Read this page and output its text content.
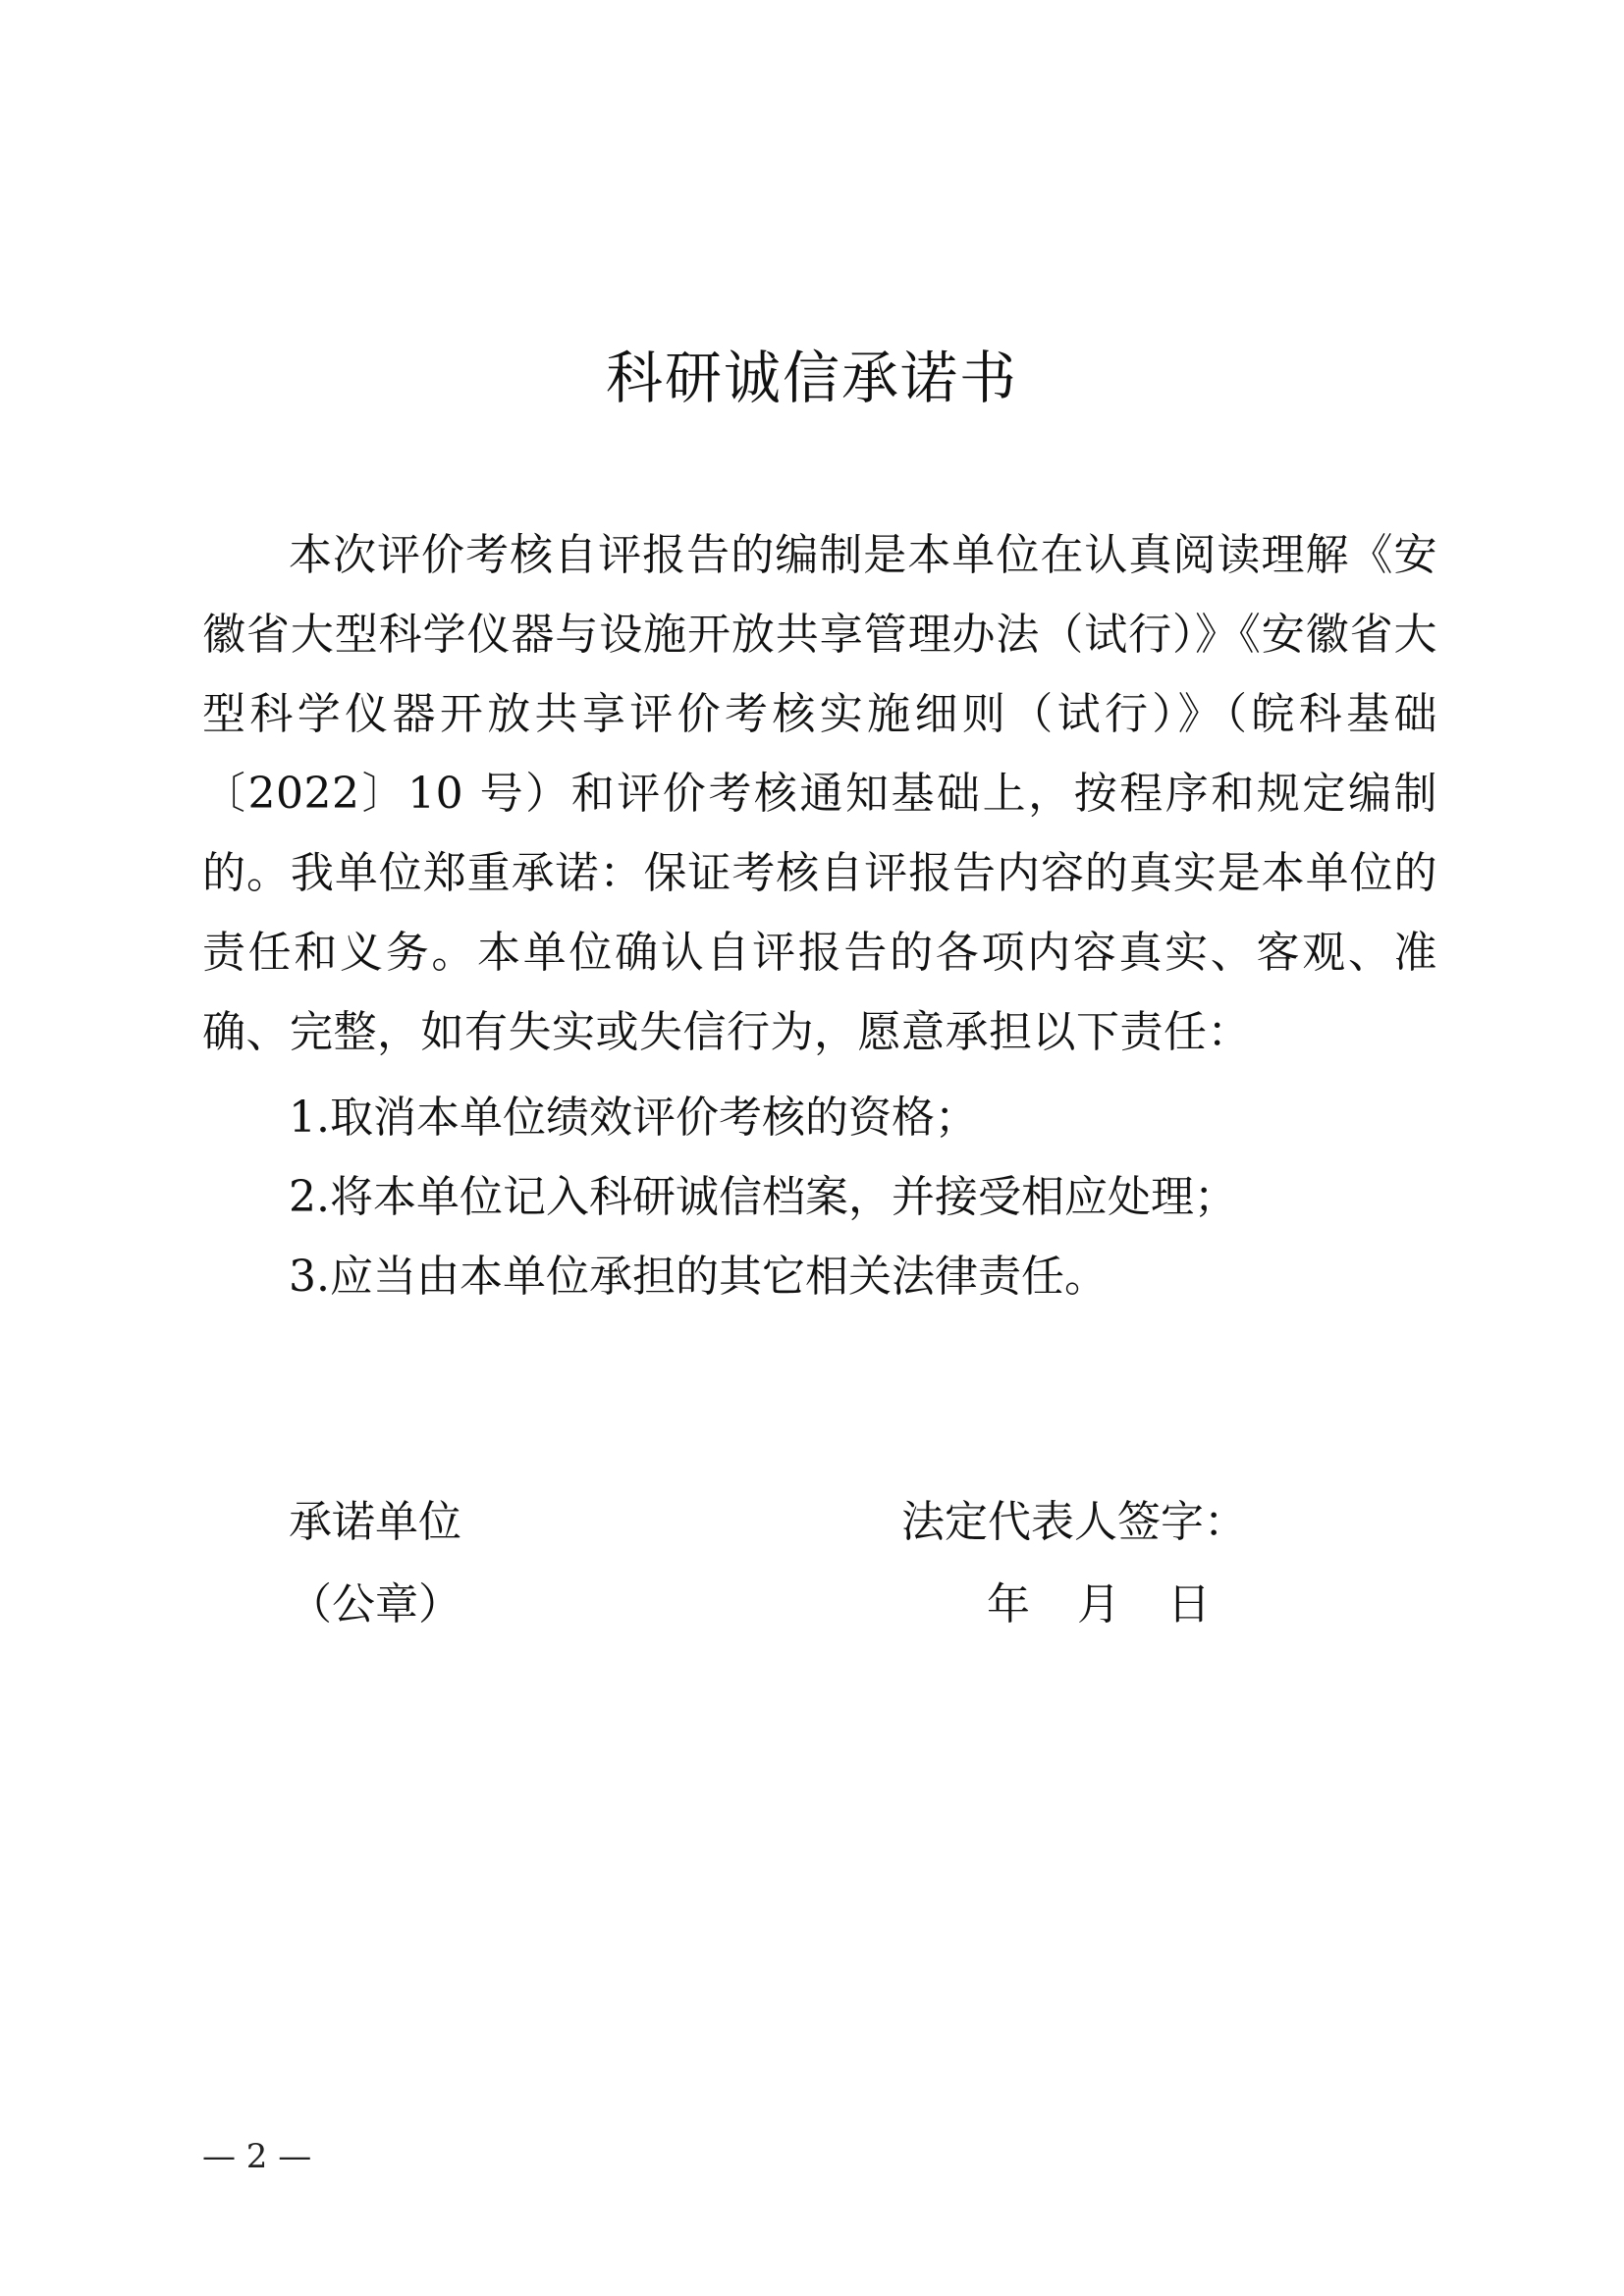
科研诚信承诺书
本次评价考核自评报告的编制是本单位在认真阅读理解《安徽省大型科学仪器与设施开放共享管理办法（试行）》《安徽省大型科学仪器开放共享评价考核实施细则（试行）》（皖科基础〔2022〕10 号）和评价考核通知基础上，按程序和规定编制的。我单位郑重承诺：保证考核自评报告内容的真实是本单位的责任和义务。本单位确认自评报告的各项内容真实、客观、准确、完整，如有失实或失信行为，愿意承担以下责任：
1.取消本单位绩效评价考核的资格；
2.将本单位记入科研诚信档案，并接受相应处理；
3.应当由本单位承担的其它相关法律责任。
承诺单位
（公章）
法定代表人签字：
年　月　日
— 2 —
